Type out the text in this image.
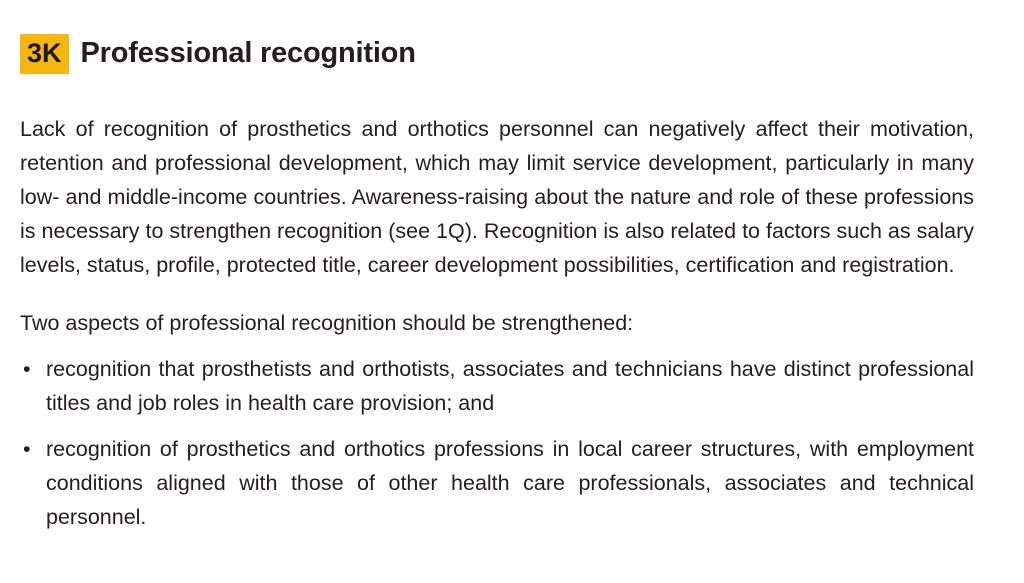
3K Professional recognition

Lack of recognition of prosthetics and orthotics personnel can negatively affect their motivation, retention and professional development, which may limit service development, particularly in many low- and middle-income countries. Awareness-raising about the nature and role of these professions is necessary to strengthen recognition (see 1Q). Recognition is also related to factors such as salary levels, status, profile, protected title, career development possibilities, certification and registration.

Two aspects of professional recognition should be strengthened:

• recognition that prosthetists and orthotists, associates and technicians have distinct professional titles and job roles in health care provision; and
• recognition of prosthetics and orthotics professions in local career structures, with employment conditions aligned with those of other health care professionals, associates and technical personnel.
